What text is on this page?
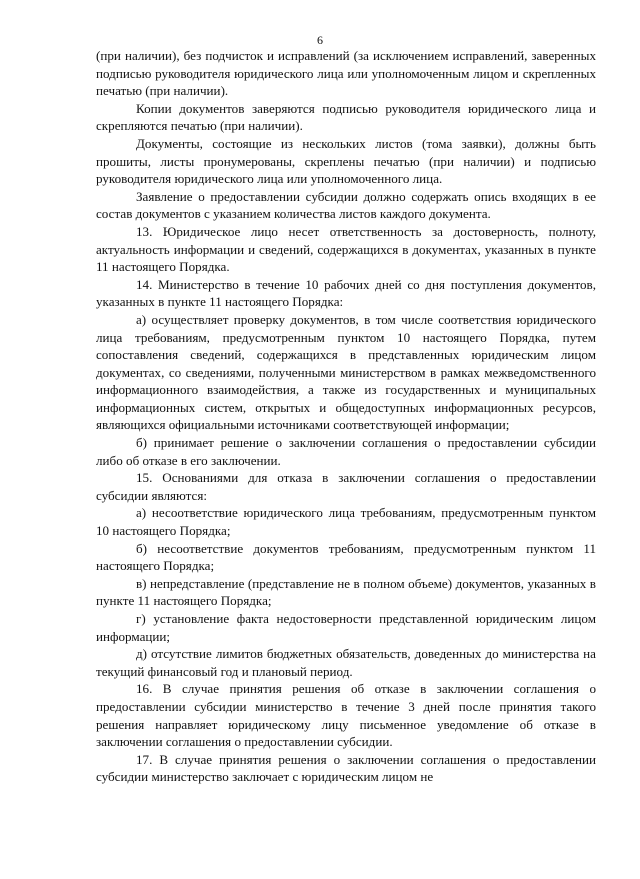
6

(при наличии), без подчисток и исправлений (за исключением исправлений, заверенных подписью руководителя юридического лица или уполномоченным лицом и скрепленных печатью (при наличии).

Копии документов заверяются подписью руководителя юридического лица и скрепляются печатью (при наличии).

Документы, состоящие из нескольких листов (тома заявки), должны быть прошиты, листы пронумерованы, скреплены печатью (при наличии) и подписью руководителя юридического лица или уполномоченного лица.

Заявление о предоставлении субсидии должно содержать опись входящих в ее состав документов с указанием количества листов каждого документа.

13. Юридическое лицо несет ответственность за достоверность, полноту, актуальность информации и сведений, содержащихся в документах, указанных в пункте 11 настоящего Порядка.

14. Министерство в течение 10 рабочих дней со дня поступления документов, указанных в пункте 11 настоящего Порядка:

а) осуществляет проверку документов, в том числе соответствия юридического лица требованиям, предусмотренным пунктом 10 настоящего Порядка, путем сопоставления сведений, содержащихся в представленных юридическим лицом документах, со сведениями, полученными министерством в рамках межведомственного информационного взаимодействия, а также из государственных и муниципальных информационных систем, открытых и общедоступных информационных ресурсов, являющихся официальными источниками соответствующей информации;

б) принимает решение о заключении соглашения о предоставлении субсидии либо об отказе в его заключении.

15. Основаниями для отказа в заключении соглашения о предоставлении субсидии являются:

а) несоответствие юридического лица требованиям, предусмотренным пунктом 10 настоящего Порядка;

б) несоответствие документов требованиям, предусмотренным пунктом 11 настоящего Порядка;

в) непредставление (представление не в полном объеме) документов, указанных в пункте 11 настоящего Порядка;

г) установление факта недостоверности представленной юридическим лицом информации;

д) отсутствие лимитов бюджетных обязательств, доведенных до министерства на текущий финансовый год и плановый период.

16. В случае принятия решения об отказе в заключении соглашения о предоставлении субсидии министерство в течение 3 дней после принятия такого решения направляет юридическому лицу письменное уведомление об отказе в заключении соглашения о предоставлении субсидии.

17. В случае принятия решения о заключении соглашения о предоставлении субсидии министерство заключает с юридическим лицом не
